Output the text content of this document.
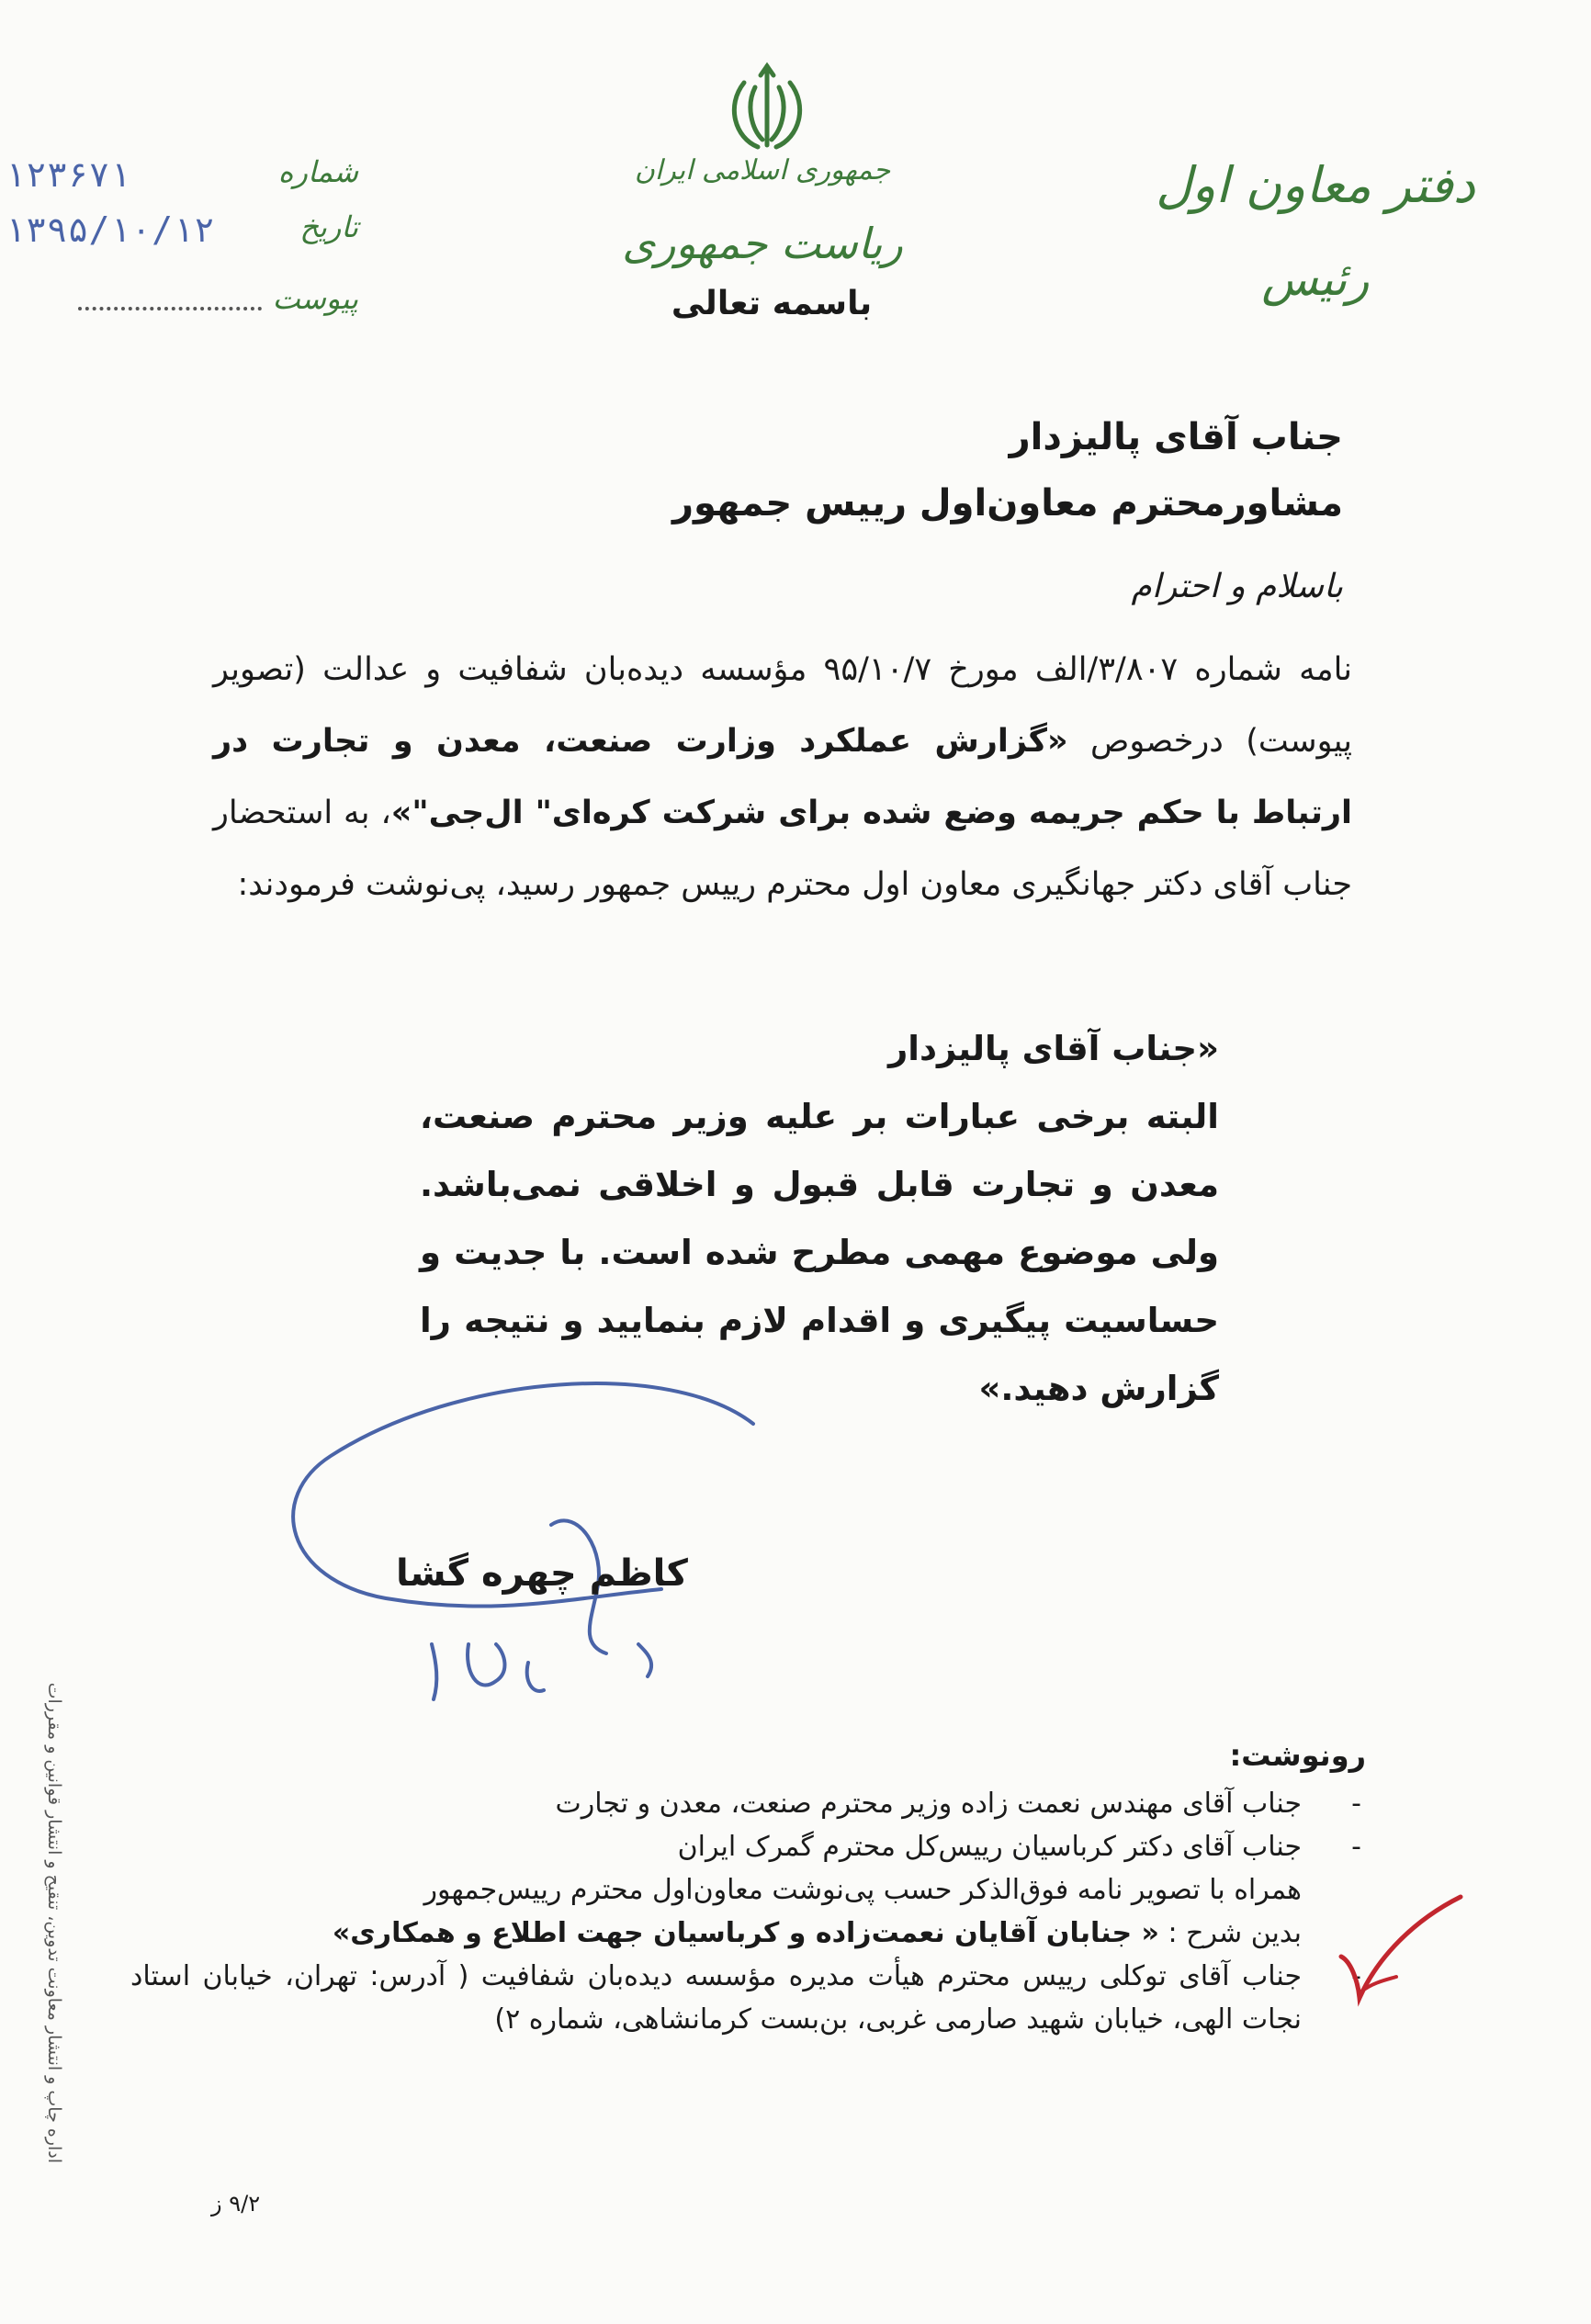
جمهوری اسلامی ایران
ریاست جمهوری
باسمه تعالی
دفتر معاون اول
رئیس
شماره
۱۲۳۶۷۱
تاریخ
۱۳۹۵/۱۰/۱۲
پیوست
جناب آقای پالیزدار
مشاورمحترم معاون‌اول رییس جمهور
باسلام و احترام
نامه شماره ۳/۸۰۷/الف مورخ ۹۵/۱۰/۷ مؤسسه دیده‌بان شفافیت و عدالت (تصویر پیوست) درخصوص «گزارش عملکرد وزارت صنعت، معدن و تجارت در ارتباط با حکم جریمه وضع شده برای شرکت کره‌ای" ال‌جی"»، به استحضار جناب آقای دکتر جهانگیری معاون اول محترم رییس جمهور رسید، پی‌نوشت فرمودند:
«جناب آقای پالیزدار
البته برخی عبارات بر علیه وزیر محترم صنعت، معدن و تجارت قابل قبول و اخلاقی نمی‌باشد. ولی موضوع مهمی مطرح شده است. با جدیت و حساسیت پیگیری و اقدام لازم بنمایید و نتیجه را گزارش دهید.»
کاظم چهره گشا
رونوشت:
-
جناب آقای مهندس نعمت زاده وزیر محترم صنعت، معدن و تجارت
-
جناب آقای دکتر کرباسیان رییس‌کل محترم گمرک ایران
همراه با تصویر نامه فوق‌الذکر حسب پی‌نوشت معاون‌اول محترم رییس‌جمهور
بدین شرح : « جنابان آقایان نعمت‌زاده و کرباسیان جهت اطلاع و همکاری»
-
جناب آقای توکلی رییس محترم هیأت مدیره مؤسسه دیده‌بان شفافیت ( آدرس: تهران، خیابان استاد نجات الهی، خیابان شهید صارمی غربی، بن‌بست کرمانشاهی، شماره ۲)
اداره چاپ و انتشار معاونت تدوین، تنقیح و انتشار قوانین و مقررات
۹/۲ ز
